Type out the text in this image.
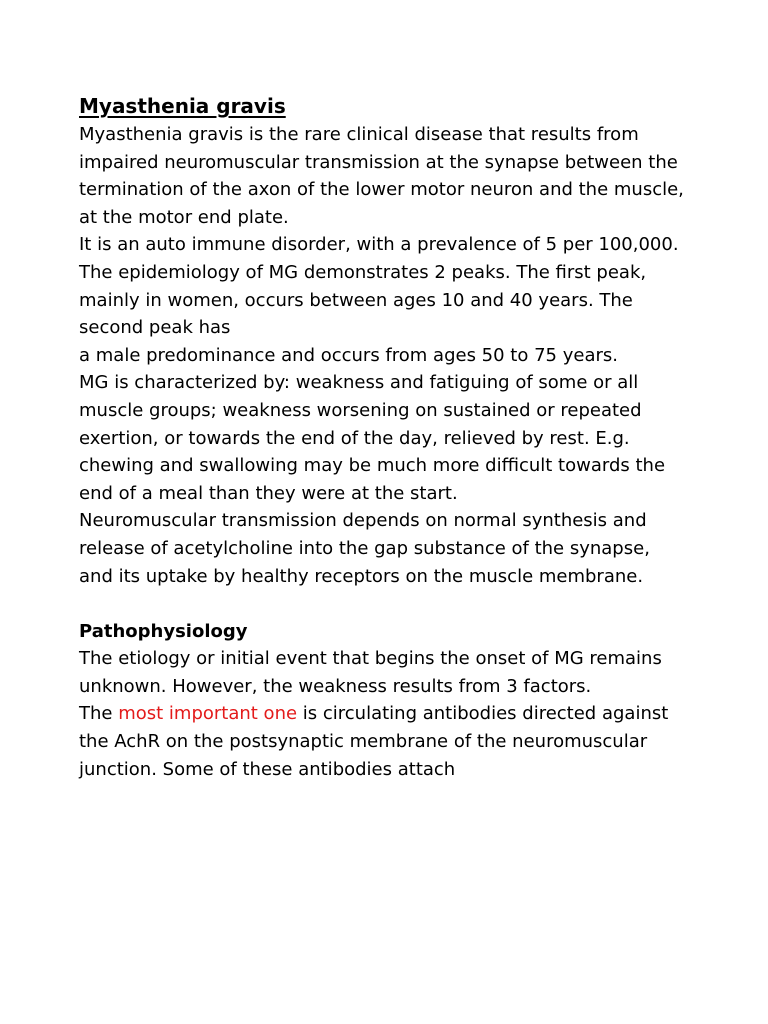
Myasthenia gravis

Myasthenia gravis is the rare clinical disease that results from impaired neuromuscular transmission at the synapse between the termination of the axon of the lower motor neuron and the muscle, at the motor end plate.

It is an auto immune disorder, with a prevalence of 5 per 100,000.

The epidemiology of MG demonstrates 2 peaks. The first peak, mainly in women, occurs between ages 10 and 40 years. The second peak has

a male predominance and occurs from ages 50 to 75 years.

MG is characterized by: weakness and fatiguing of some or all muscle groups; weakness worsening on sustained or repeated exertion, or towards the end of the day, relieved by rest. E.g. chewing and swallowing may be much more difficult towards the end of a meal than they were at the start.

Neuromuscular transmission depends on normal synthesis and release of acetylcholine into the gap substance of the synapse, and its uptake by healthy receptors on the muscle membrane.

Pathophysiology

The etiology or initial event that begins the onset of MG remains unknown. However, the weakness results from 3 factors.

The most important one is circulating antibodies directed against the AchR on the postsynaptic membrane of the neuromuscular junction. Some of these antibodies attach
